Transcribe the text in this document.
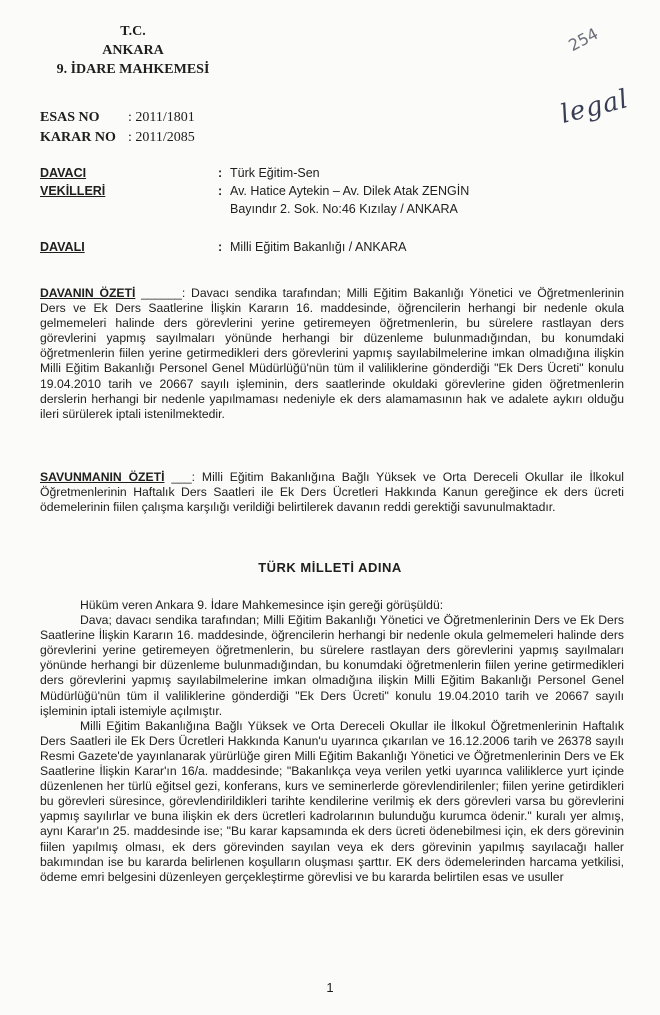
254
legal
T.C.
ANKARA
9. İDARE MAHKEMESİ
ESAS NO : 2011/1801
KARAR NO : 2011/2085
DAVACI	: Türk Eğitim-Sen
VEKİLLERİ	: Av. Hatice Aytekin – Av. Dilek Atak ZENGİN
Bayındır 2. Sok. No:46 Kızılay / ANKARA
DAVALI	: Milli Eğitim Bakanlığı / ANKARA
DAVANIN ÖZETİ ______: Davacı sendika tarafından; Milli Eğitim Bakanlığı Yönetici ve Öğretmenlerinin Ders ve Ek Ders Saatlerine İlişkin Kararın 16. maddesinde, öğrencilerin herhangi bir nedenle okula gelmemeleri halinde ders görevlerini yerine getiremeyen öğretmenlerin, bu sürelere rastlayan ders görevlerini yapmış sayılmaları yönünde herhangi bir düzenleme bulunmadığından, bu konumdaki öğretmenlerin fiilen yerine getirmedikleri ders görevlerini yapmış sayılabilmelerine imkan olmadığına ilişkin Milli Eğitim Bakanlığı Personel Genel Müdürlüğü'nün tüm il valiliklerine gönderdiği "Ek Ders Ücreti" konulu 19.04.2010 tarih ve 20667 sayılı işleminin, ders saatlerinde okuldaki görevlerine giden öğretmenlerin derslerin herhangi bir nedenle yapılmaması nedeniyle ek ders alamamasının hak ve adalete aykırı olduğu ileri sürülerek iptali istenilmektedir.
SAVUNMANIN ÖZETİ ___: Milli Eğitim Bakanlığına Bağlı Yüksek ve Orta Dereceli Okullar ile İlkokul Öğretmenlerinin Haftalık Ders Saatleri ile Ek Ders Ücretleri Hakkında Kanun gereğince ek ders ücreti ödemelerinin fiilen çalışma karşılığı verildiği belirtilerek davanın reddi gerektiği savunulmaktadır.
TÜRK MİLLETİ ADINA

Hüküm veren Ankara 9. İdare Mahkemesince işin gereği görüşüldü:

Dava; davacı sendika tarafından; Milli Eğitim Bakanlığı Yönetici ve Öğretmenlerinin Ders ve Ek Ders Saatlerine İlişkin Kararın 16. maddesinde, öğrencilerin herhangi bir nedenle okula gelmemeleri halinde ders görevlerini yerine getiremeyen öğretmenlerin, bu sürelere rastlayan ders görevlerini yapmış sayılmaları yönünde herhangi bir düzenleme bulunmadığından, bu konumdaki öğretmenlerin fiilen yerine getirmedikleri ders görevlerini yapmış sayılabilmelerine imkan olmadığına ilişkin Milli Eğitim Bakanlığı Personel Genel Müdürlüğü'nün tüm il valiliklerine gönderdiği "Ek Ders Ücreti" konulu 19.04.2010 tarih ve 20667 sayılı işleminin iptali istemiyle açılmıştır.

Milli Eğitim Bakanlığına Bağlı Yüksek ve Orta Dereceli Okullar ile İlkokul Öğretmenlerinin Haftalık Ders Saatleri ile Ek Ders Ücretleri Hakkında Kanun'u uyarınca çıkarılan ve 16.12.2006 tarih ve 26378 sayılı Resmi Gazete'de yayınlanarak yürürlüğe giren Milli Eğitim Bakanlığı Yönetici ve Öğretmenlerinin Ders ve Ek Saatlerine İlişkin Karar'ın 16/a. maddesinde; "Bakanlıkça veya verilen yetki uyarınca valiliklerce yurt içinde düzenlenen her türlü eğitsel gezi, konferans, kurs ve seminerlerde görevlendirilenler; fiilen yerine getirdikleri bu görevleri süresince, görevlendirildikleri tarihte kendilerine verilmiş ek ders görevleri varsa bu görevlerini yapmış sayılırlar ve buna ilişkin ek ders ücretleri kadrolarının bulunduğu kurumca ödenir." kuralı yer almış, aynı Karar'ın 25. maddesinde ise; "Bu karar kapsamında ek ders ücreti ödenebilmesi için, ek ders görevinin fiilen yapılmış olması, ek ders görevinden sayılan veya ek ders görevinin yapılmış sayılacağı haller bakımından ise bu kararda belirlenen koşulların oluşması şarttır. EK ders ödemelerinden harcama yetkilisi, ödeme emri belgesini düzenleyen gerçekleştirme görevlisi ve bu kararda belirtilen esas ve usuller

1
